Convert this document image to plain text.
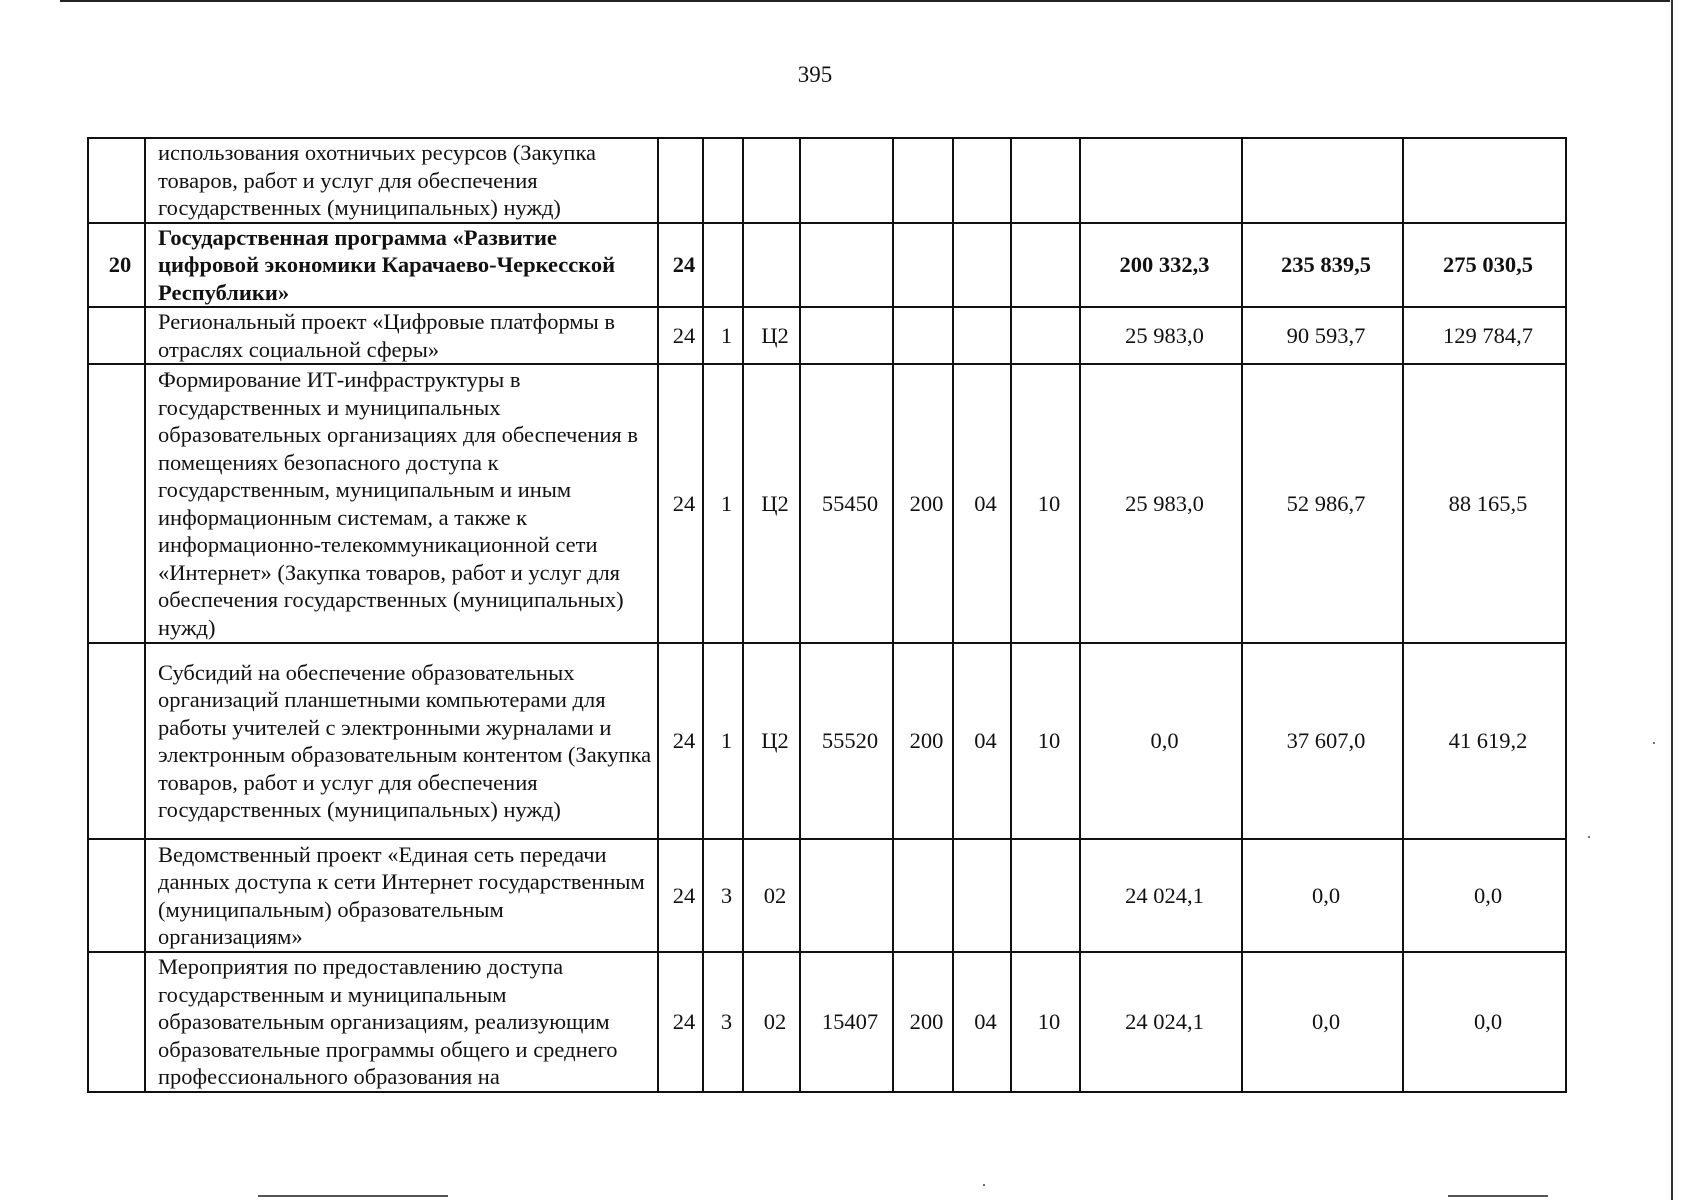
395
	использования охотничьих ресурсов (Закупка товаров, работ и услуг для обеспечения государственных (муниципальных) нужд)										
20	Государственная программа «Развитие цифровой экономики Карачаево-Черкесской Республики»	24							200 332,3	235 839,5	275 030,5
	Региональный проект «Цифровые платформы в отраслях социальной сферы»	24	1	Ц2					25 983,0	90 593,7	129 784,7
	Формирование ИТ-инфраструктуры в государственных и муниципальных образовательных организациях для обеспечения в помещениях безопасного доступа к государственным, муниципальным и иным информационным системам, а также к информационно-телекоммуникационной сети «Интернет» (Закупка товаров, работ и услуг для обеспечения государственных (муниципальных) нужд)	24	1	Ц2	55450	200	04	10	25 983,0	52 986,7	88 165,5
	Субсидий на обеспечение образовательных организаций планшетными компьютерами для работы учителей с электронными журналами и электронным образовательным контентом (Закупка товаров, работ и услуг для обеспечения государственных (муниципальных) нужд)	24	1	Ц2	55520	200	04	10	0,0	37 607,0	41 619,2
	Ведомственный проект «Единая сеть передачи данных доступа к сети Интернет государственным (муниципальным) образовательным организациям»	24	3	02					24 024,1	0,0	0,0
	Мероприятия по предоставлению доступа государственным и муниципальным образовательным организациям, реализующим образовательные программы общего и среднего профессионального образования на	24	3	02	15407	200	04	10	24 024,1	0,0	0,0
